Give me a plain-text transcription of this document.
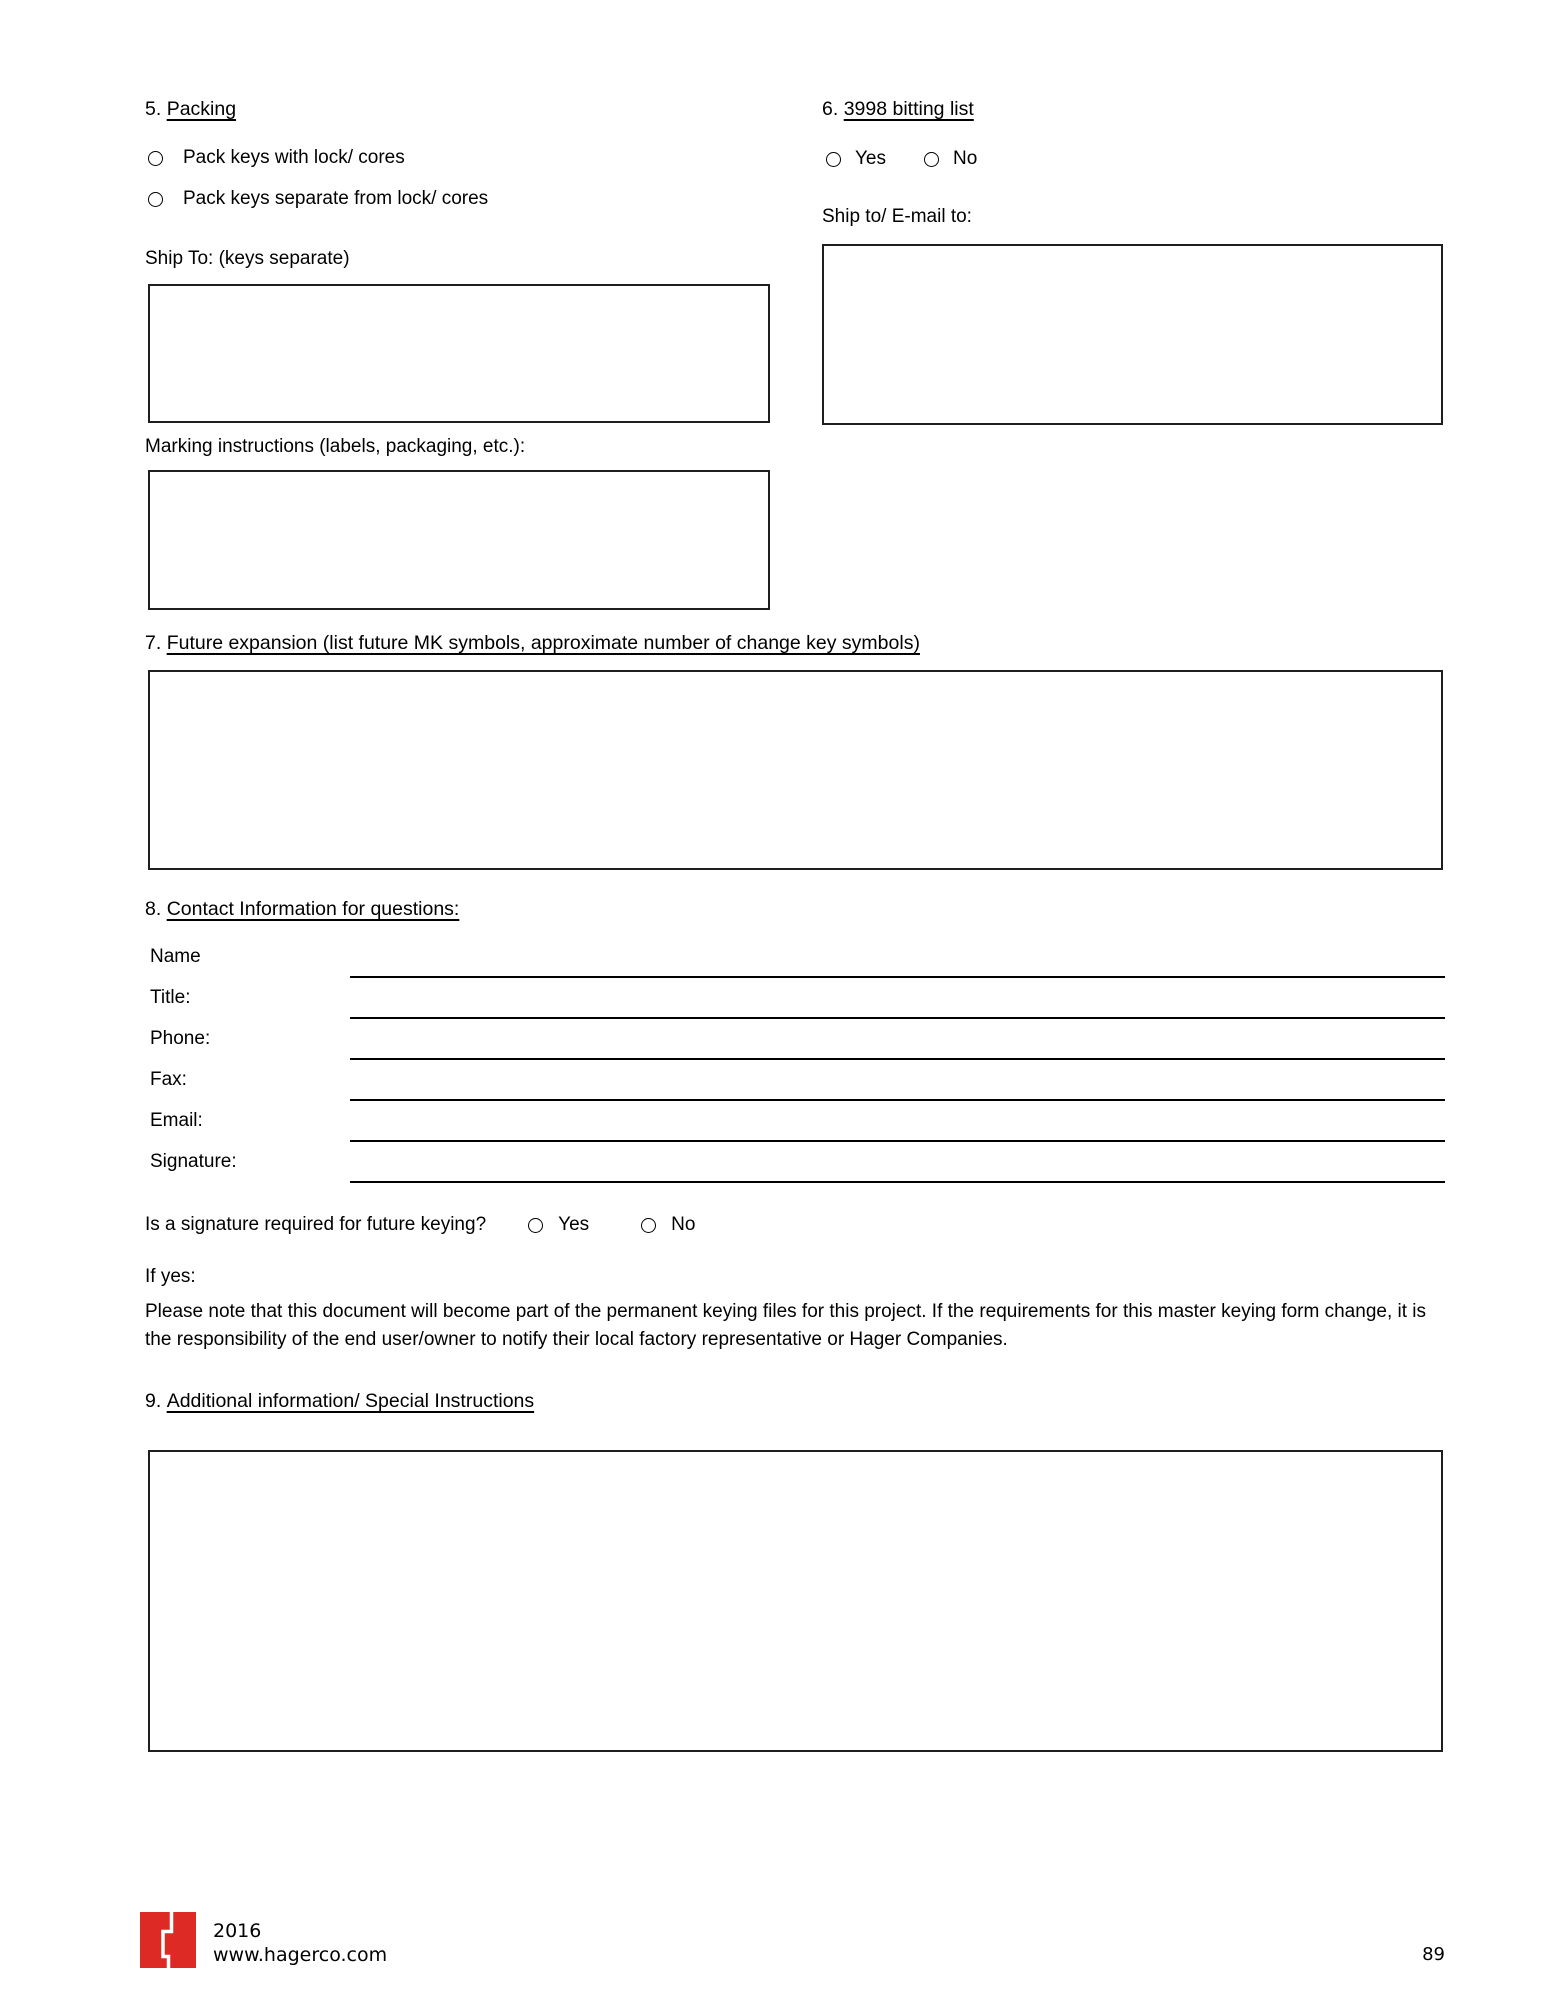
5. Packing
Pack keys with lock/ cores
Pack keys separate from lock/ cores
6. 3998 bitting list
Yes	No
Ship to/ E-mail to:
Ship To: (keys separate)
Marking instructions (labels, packaging, etc.):
7. Future expansion (list future MK symbols, approximate number of change key symbols)
8. Contact Information for questions:
Name
Title:
Phone:
Fax:
Email:
Signature:
Is a signature required for future keying?	Yes	No
If yes:
Please note that this document will become part of the permanent keying files for this project. If the requirements for this master keying form change, it is the responsibility of the end user/owner to notify their local factory representative or Hager Companies.
9. Additional information/ Special Instructions
2016
www.hagerco.com	89
